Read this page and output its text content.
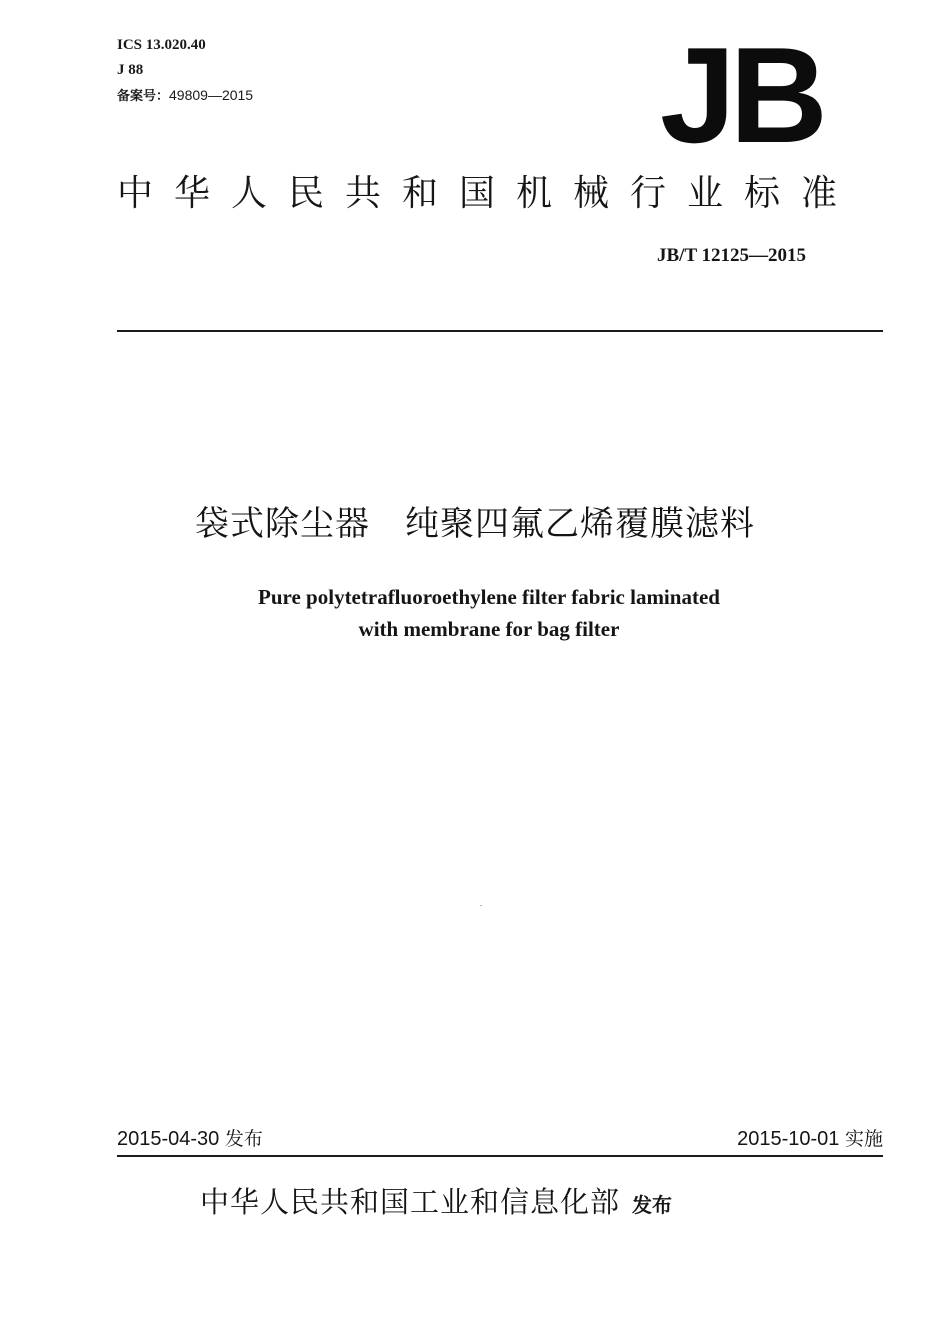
ICS 13.020.40
J 88
备案号：49809—2015	JB
中华人民共和国机械行业标准
JB/T 12125—2015
袋式除尘器　纯聚四氟乙烯覆膜滤料
Pure polytetrafluoroethylene filter fabric laminated
with membrane for bag filter
2015-04-30 发布	2015-10-01 实施
中华人民共和国工业和信息化部 发布
